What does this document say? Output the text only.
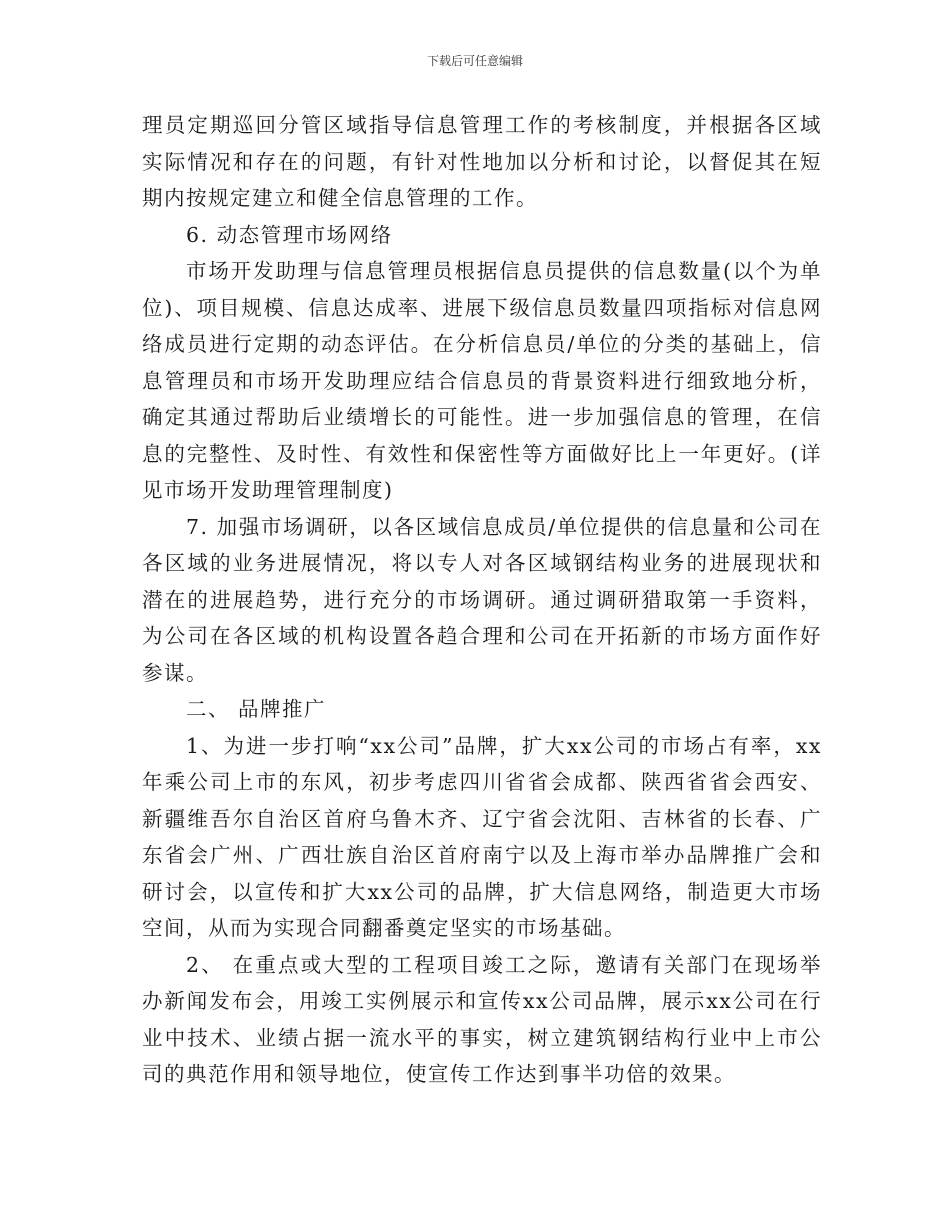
下载后可任意编辑

理员定期巡回分管区域指导信息管理工作的考核制度，并根据各区域实际情况和存在的问题，有针对性地加以分析和讨论，以督促其在短期内按规定建立和健全信息管理的工作。

6. 动态管理市场网络

市场开发助理与信息管理员根据信息员提供的信息数量(以个为单位)、项目规模、信息达成率、进展下级信息员数量四项指标对信息网络成员进行定期的动态评估。在分析信息员/单位的分类的基础上，信息管理员和市场开发助理应结合信息员的背景资料进行细致地分析，确定其通过帮助后业绩增长的可能性。进一步加强信息的管理，在信息的完整性、及时性、有效性和保密性等方面做好比上一年更好。(详见市场开发助理管理制度)

7. 加强市场调研，以各区域信息成员/单位提供的信息量和公司在各区域的业务进展情况，将以专人对各区域钢结构业务的进展现状和潜在的进展趋势，进行充分的市场调研。通过调研猎取第一手资料，为公司在各区域的机构设置各趋合理和公司在开拓新的市场方面作好参谋。

二、 品牌推广

1、为进一步打响“xx公司”品牌，扩大xx公司的市场占有率，xx年乘公司上市的东风，初步考虑四川省省会成都、陕西省省会西安、新疆维吾尔自治区首府乌鲁木齐、辽宁省会沈阳、吉林省的长春、广东省会广州、广西壮族自治区首府南宁以及上海市举办品牌推广会和研讨会，以宣传和扩大xx公司的品牌，扩大信息网络，制造更大市场空间，从而为实现合同翻番奠定坚实的市场基础。

2、 在重点或大型的工程项目竣工之际，邀请有关部门在现场举办新闻发布会，用竣工实例展示和宣传xx公司品牌，展示xx公司在行业中技术、业绩占据一流水平的事实，树立建筑钢结构行业中上市公司的典范作用和领导地位，使宣传工作达到事半功倍的效果。
